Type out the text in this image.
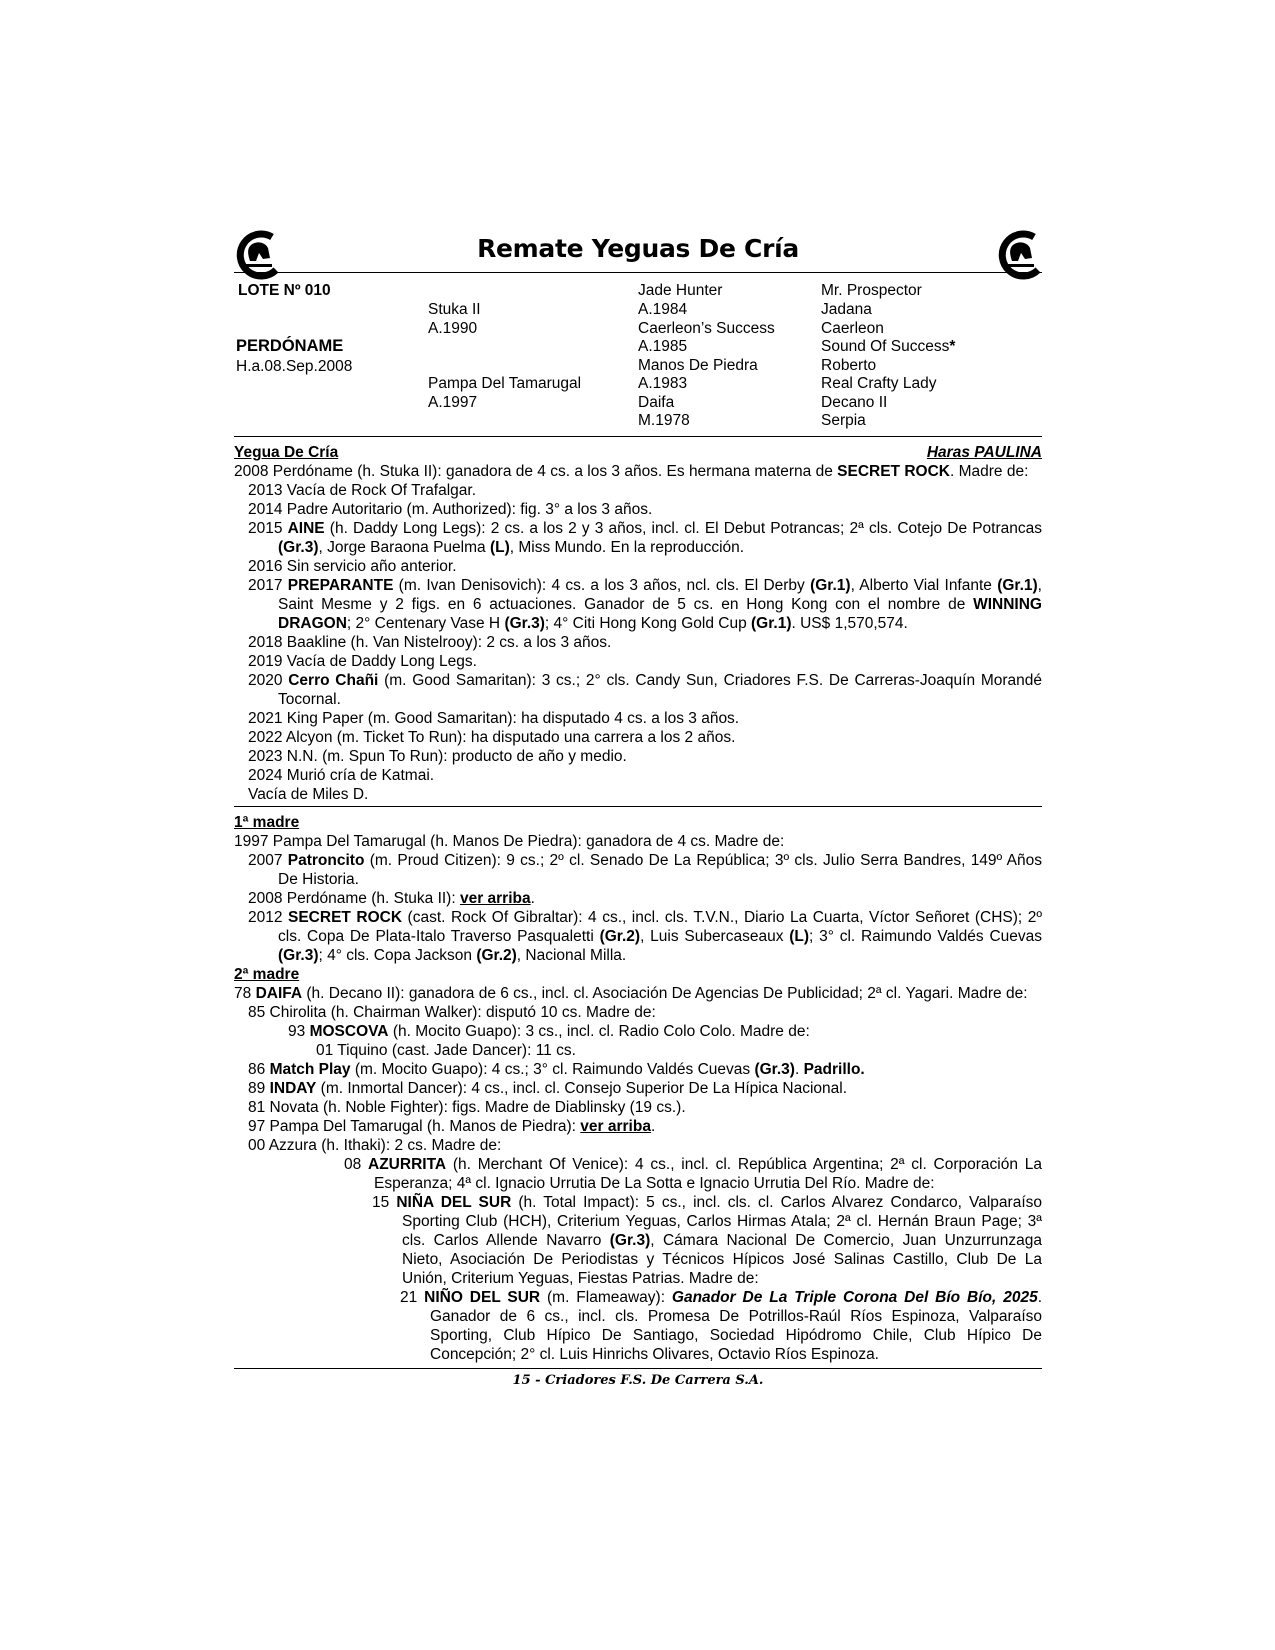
Remate Yeguas De Cría
LOTE Nº 010
PERDÓNAME
H.a.08.Sep.2008
Stuka II
A.1990
Pampa Del Tamarugal
A.1997
Jade Hunter
A.1984
Caerleon’s Success
A.1985
Manos De Piedra
A.1983
Daifa
M.1978
Mr. Prospector
Jadana
Caerleon
Sound Of Success*
Roberto
Real Crafty Lady
Decano II
Serpia
Yegua De Cría	Haras PAULINA
2008 Perdóname (h. Stuka II): ganadora de 4 cs. a los 3 años. Es hermana materna de SECRET ROCK. Madre de:
2013 Vacía de Rock Of Trafalgar.
2014 Padre Autoritario (m. Authorized): fig. 3° a los 3 años.
2015 AINE (h. Daddy Long Legs): 2 cs. a los 2 y 3 años, incl. cl. El Debut Potrancas; 2ª cls. Cotejo De Potrancas (Gr.3), Jorge Baraona Puelma (L), Miss Mundo. En la reproducción.
2016 Sin servicio año anterior.
2017 PREPARANTE (m. Ivan Denisovich): 4 cs. a los 3 años, ncl. cls. El Derby (Gr.1), Alberto Vial Infante (Gr.1), Saint Mesme y 2 figs. en 6 actuaciones. Ganador de 5 cs. en Hong Kong con el nombre de WINNING DRAGON; 2° Centenary Vase H (Gr.3); 4° Citi Hong Kong Gold Cup (Gr.1). US$ 1,570,574.
2018 Baakline (h. Van Nistelrooy): 2 cs. a los 3 años.
2019 Vacía de Daddy Long Legs.
2020 Cerro Chañi (m. Good Samaritan): 3 cs.; 2° cls. Candy Sun, Criadores F.S. De Carreras-Joaquín Morandé Tocornal.
2021 King Paper (m. Good Samaritan): ha disputado 4 cs. a los 3 años.
2022 Alcyon (m. Ticket To Run): ha disputado una carrera a los 2 años.
2023 N.N. (m. Spun To Run): producto de año y medio.
2024 Murió cría de Katmai.
Vacía de Miles D.
1ª madre
1997 Pampa Del Tamarugal (h. Manos De Piedra): ganadora de 4 cs. Madre de:
2007 Patroncito (m. Proud Citizen): 9 cs.; 2º cl. Senado De La República; 3º cls. Julio Serra Bandres, 149º Años De Historia.
2008 Perdóname (h. Stuka II): ver arriba.
2012 SECRET ROCK (cast. Rock Of Gibraltar): 4 cs., incl. cls. T.V.N., Diario La Cuarta, Víctor Señoret (CHS); 2º cls. Copa De Plata-Italo Traverso Pasqualetti (Gr.2), Luis Subercaseaux (L); 3° cl. Raimundo Valdés Cuevas (Gr.3); 4° cls. Copa Jackson (Gr.2), Nacional Milla.
2ª madre
78 DAIFA (h. Decano II): ganadora de 6 cs., incl. cl. Asociación De Agencias De Publicidad; 2ª cl. Yagari. Madre de:
85 Chirolita (h. Chairman Walker): disputó 10 cs. Madre de:
93 MOSCOVA (h. Mocito Guapo): 3 cs., incl. cl. Radio Colo Colo. Madre de:
01 Tiquino (cast. Jade Dancer): 11 cs.
86 Match Play (m. Mocito Guapo): 4 cs.; 3° cl. Raimundo Valdés Cuevas (Gr.3). Padrillo.
89 INDAY (m. Inmortal Dancer): 4 cs., incl. cl. Consejo Superior De La Hípica Nacional.
81 Novata (h. Noble Fighter): figs. Madre de Diablinsky (19 cs.).
97 Pampa Del Tamarugal (h. Manos de Piedra): ver arriba.
00 Azzura (h. Ithaki): 2 cs. Madre de:
08 AZURRITA (h. Merchant Of Venice): 4 cs., incl. cl. República Argentina; 2ª cl. Corporación La Esperanza; 4ª cl. Ignacio Urrutia De La Sotta e Ignacio Urrutia Del Río. Madre de:
15 NIÑA DEL SUR (h. Total Impact): 5 cs., incl. cls. cl. Carlos Alvarez Condarco, Valparaíso Sporting Club (HCH), Criterium Yeguas, Carlos Hirmas Atala; 2ª cl. Hernán Braun Page; 3ª cls. Carlos Allende Navarro (Gr.3), Cámara Nacional De Comercio, Juan Unzurrunzaga Nieto, Asociación De Periodistas y Técnicos Hípicos José Salinas Castillo, Club De La Unión, Criterium Yeguas, Fiestas Patrias. Madre de:
21 NIÑO DEL SUR (m. Flameaway): Ganador De La Triple Corona Del Bío Bío, 2025. Ganador de 6 cs., incl. cls. Promesa De Potrillos-Raúl Ríos Espinoza, Valparaíso Sporting, Club Hípico De Santiago, Sociedad Hipódromo Chile, Club Hípico De Concepción; 2° cl. Luis Hinrichs Olivares, Octavio Ríos Espinoza.
15 - Criadores F.S. De Carrera S.A.
